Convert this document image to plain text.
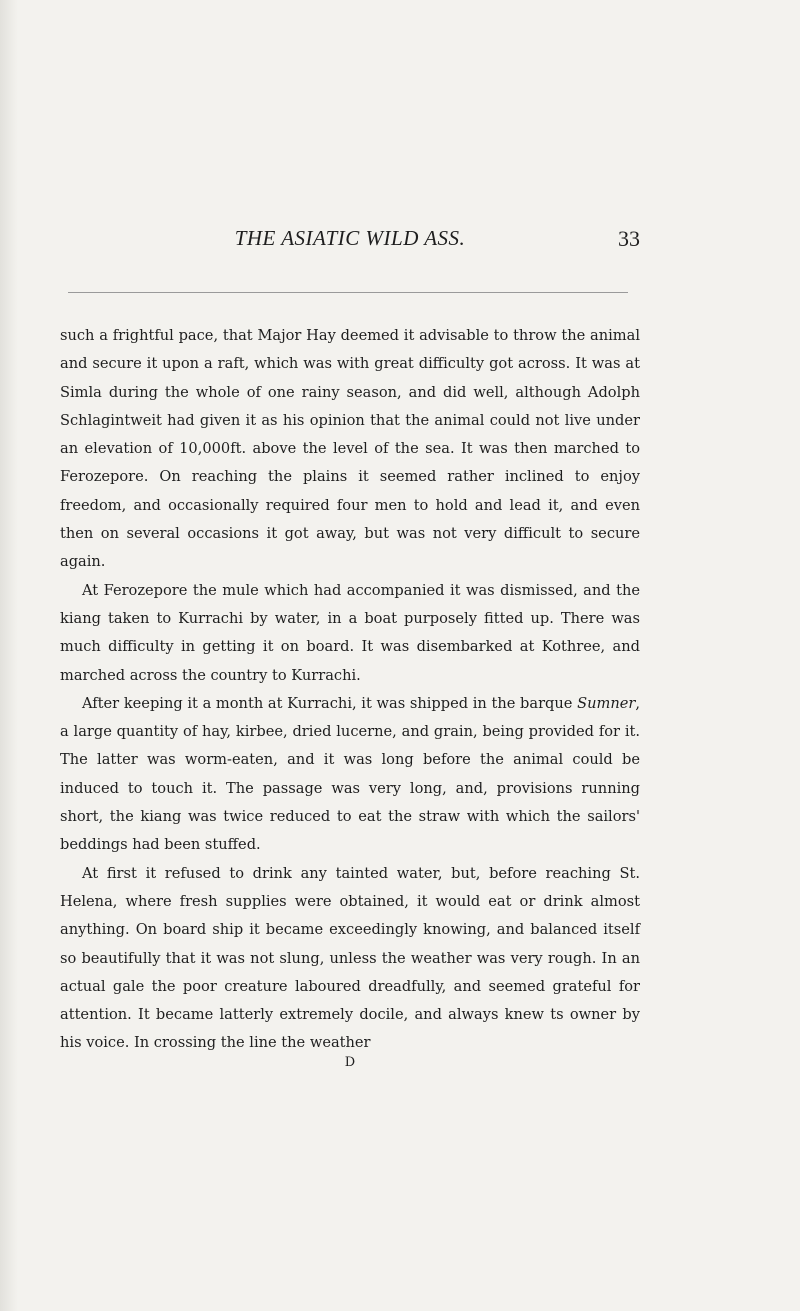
THE ASIATIC WILD ASS.	33

such a frightful pace, that Major Hay deemed it advisable to throw the animal and secure it upon a raft, which was with great difficulty got across. It was at Simla during the whole of one rainy season, and did well, although Adolph Schlagintweit had given it as his opinion that the animal could not live under an elevation of 10,000ft. above the level of the sea. It was then marched to Ferozepore. On reaching the plains it seemed rather inclined to enjoy freedom, and occasionally required four men to hold and lead it, and even then on several occasions it got away, but was not very difficult to secure again.

At Ferozepore the mule which had accompanied it was dismissed, and the kiang taken to Kurrachi by water, in a boat purposely fitted up. There was much difficulty in getting it on board. It was disembarked at Kothree, and marched across the country to Kurrachi.

After keeping it a month at Kurrachi, it was shipped in the barque Sumner, a large quantity of hay, kirbee, dried lucerne, and grain, being provided for it. The latter was worm-eaten, and it was long before the animal could be induced to touch it. The passage was very long, and, provisions running short, the kiang was twice reduced to eat the straw with which the sailors' beddings had been stuffed.

At first it refused to drink any tainted water, but, before reaching St. Helena, where fresh supplies were obtained, it would eat or drink almost anything. On board ship it became exceedingly knowing, and balanced itself so beautifully that it was not slung, unless the weather was very rough. In an actual gale the poor creature laboured dreadfully, and seemed grateful for attention. It became latterly extremely docile, and always knew ts owner by his voice. In crossing the line the weather

D
